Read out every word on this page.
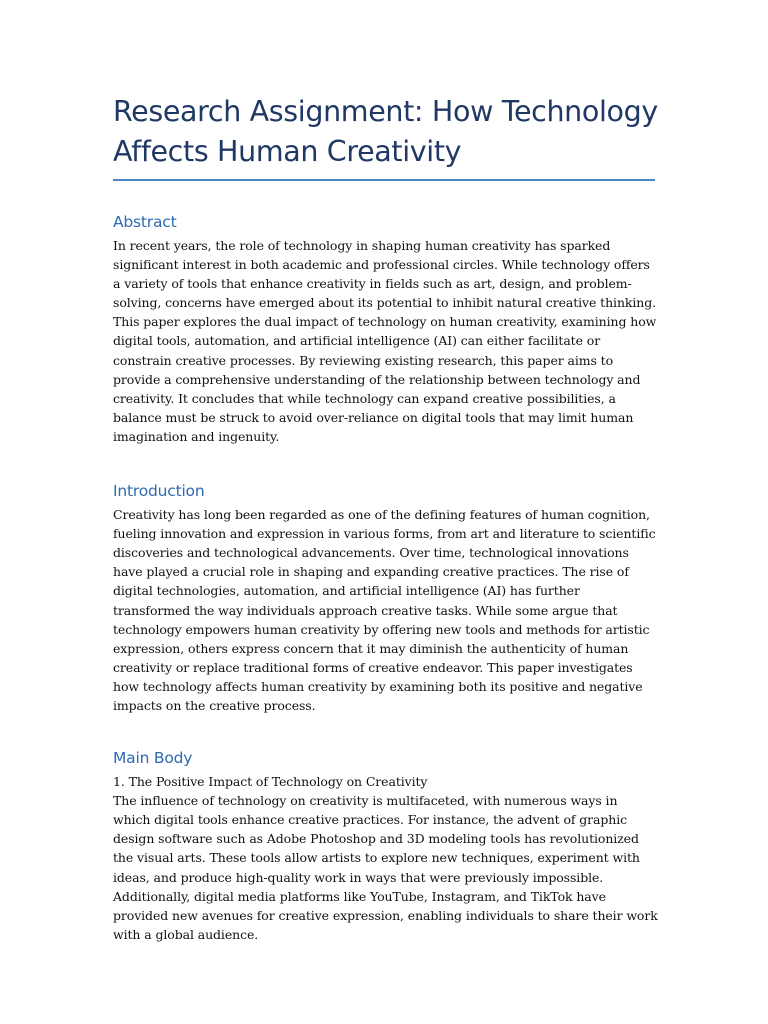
Research Assignment: How Technology Affects Human Creativity
Abstract

In recent years, the role of technology in shaping human creativity has sparked significant interest in both academic and professional circles. While technology offers a variety of tools that enhance creativity in fields such as art, design, and problem-solving, concerns have emerged about its potential to inhibit natural creative thinking. This paper explores the dual impact of technology on human creativity, examining how digital tools, automation, and artificial intelligence (AI) can either facilitate or constrain creative processes. By reviewing existing research, this paper aims to provide a comprehensive understanding of the relationship between technology and creativity. It concludes that while technology can expand creative possibilities, a balance must be struck to avoid over-reliance on digital tools that may limit human imagination and ingenuity.

Introduction

Creativity has long been regarded as one of the defining features of human cognition, fueling innovation and expression in various forms, from art and literature to scientific discoveries and technological advancements. Over time, technological innovations have played a crucial role in shaping and expanding creative practices. The rise of digital technologies, automation, and artificial intelligence (AI) has further transformed the way individuals approach creative tasks. While some argue that technology empowers human creativity by offering new tools and methods for artistic expression, others express concern that it may diminish the authenticity of human creativity or replace traditional forms of creative endeavor. This paper investigates how technology affects human creativity by examining both its positive and negative impacts on the creative process.

Main Body

1. The Positive Impact of Technology on Creativity

The influence of technology on creativity is multifaceted, with numerous ways in which digital tools enhance creative practices. For instance, the advent of graphic design software such as Adobe Photoshop and 3D modeling tools has revolutionized the visual arts. These tools allow artists to explore new techniques, experiment with ideas, and produce high-quality work in ways that were previously impossible. Additionally, digital media platforms like YouTube, Instagram, and TikTok have provided new avenues for creative expression, enabling individuals to share their work with a global audience.
